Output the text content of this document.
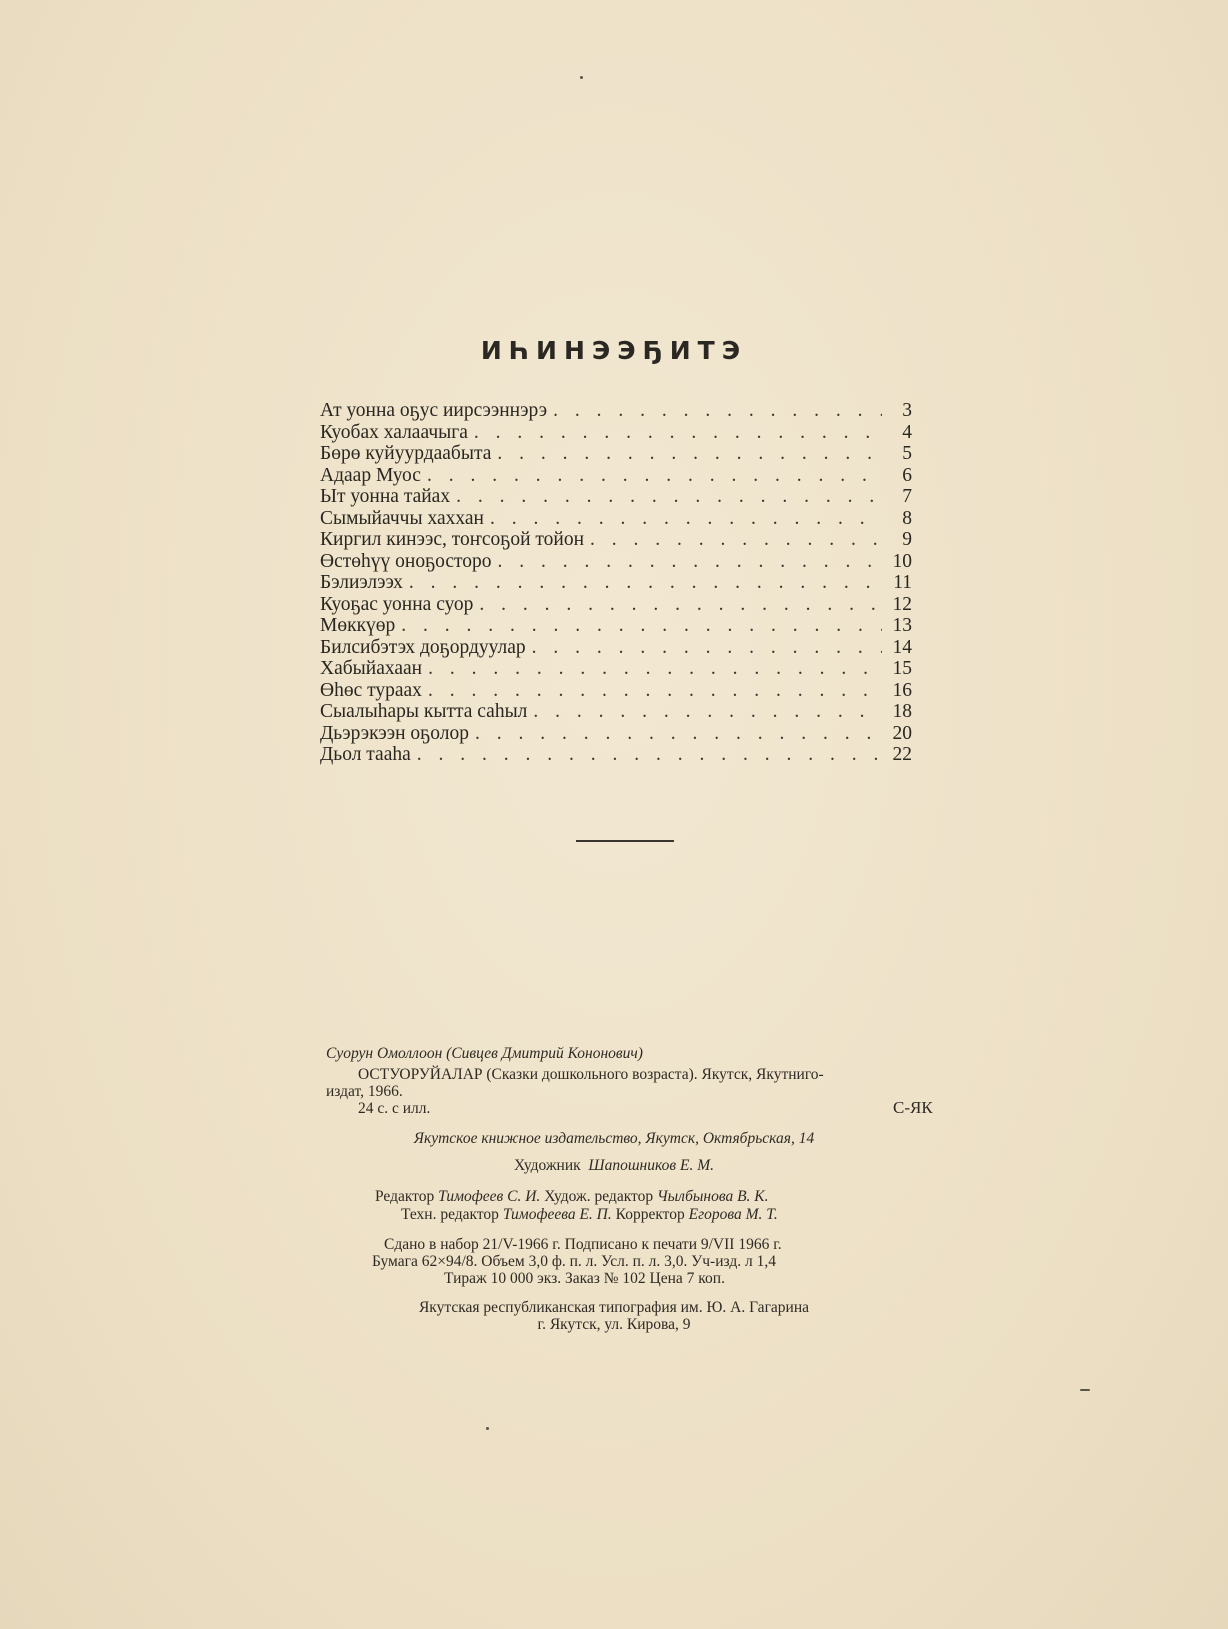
ИҺИНЭЭҔИТЭ
Ат уонна оҕус иирсээннэрэ . . .	3
Куобах халаачыга . . .	4
Бөрө куйуурдаабыта . . .	5
Адаар Муос . . .	6
Ыт уонна тайах . . .	7
Сымыйаччы хаххан . . .	8
Киргил кинээс, тоҥсоҕой тойон . . .	9
Өстөһүү оноҕосторо . . .	10
Бэлиэлээх . . .	11
Куоҕас уонна суор . . .	12
Мөккүөр . . .	13
Билсибэтэх доҕордуулар . . .	14
Хабыйахаан . . .	15
Өһөс тураах . . .	16
Сыалыһары кытта саһыл . . .	18
Дьэрэкээн оҕолор . . .	20
Дьол тааһа . . .	22
Суорун Омоллоон (Сивцев Дмитрий Кононович)
ОСТУОРУЙАЛАР (Сказки дошкольного возраста). Якутск, Якутниго-
издат, 1966.
24 с. с илл.	С-ЯК
Якутское книжное издательство, Якутск, Октябрьская, 14
Художник Шапошников Е. М.
Редактор Тимофеев С. И. Худож. редактор Чылбынова В. К.
Техн. редактор Тимофеева Е. П. Корректор Егорова М. Т.
Сдано в набор 21/V-1966 г. Подписано к печати 9/VII 1966 г.
Бумага 62×94/8. Объем 3,0 ф. п. л. Усл. п. л. 3,0. Уч-изд. л 1,4
Тираж 10 000 экз. Заказ № 102 Цена 7 коп.
Якутская республиканская типография им. Ю. А. Гагарина
г. Якутск, ул. Кирова, 9
